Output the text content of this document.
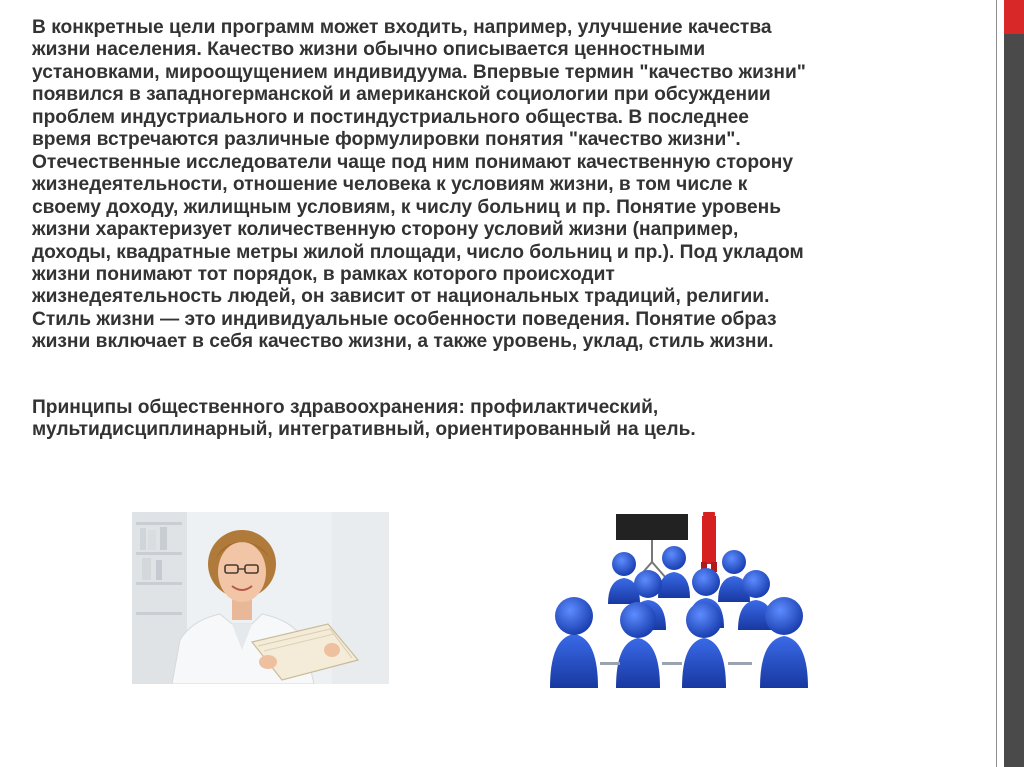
В конкретные цели программ может входить, например, улучшение качества
жизни населения. Качество жизни обычно описывается ценностными
установками, мироощущением индивидуума. Впервые термин "качество жизни"
появился в западногерманской и американской социологии при обсуждении
проблем индустриального и постиндустриального общества. В последнее
время встречаются различные формулировки понятия "качество жизни".
Отечественные исследователи чаще под ним понимают качественную сторону
жизнедеятельности, отношение человека к условиям жизни, в том числе к
своему доходу, жилищным условиям, к числу больниц и пр. Понятие уровень
жизни характеризует количественную сторону условий жизни (например,
доходы, квадратные метры жилой площади, число больниц и пр.). Под укладом
жизни понимают тот порядок, в рамках которого происходит
жизнедеятельность людей, он зависит от национальных традиций, религии.
Стиль жизни — это индивидуальные особенности поведения. Понятие образ
жизни включает в себя качество жизни, а также уровень, уклад, стиль жизни.
Принципы общественного здравоохранения: профилактический,
мультидисциплинарный, интегративный, ориентированный на цель.
